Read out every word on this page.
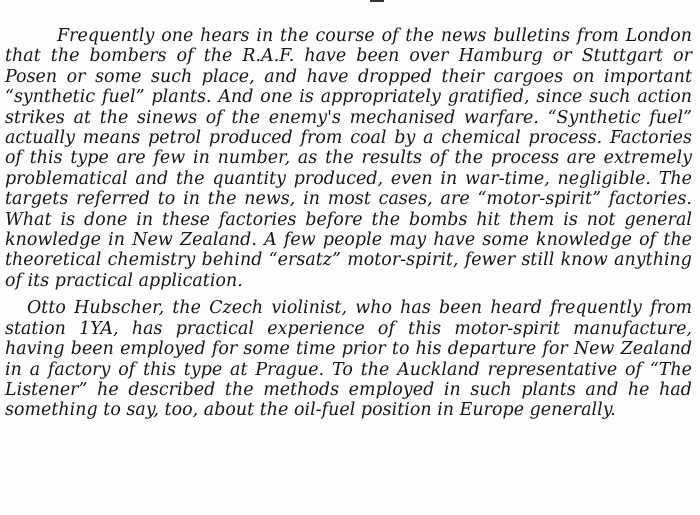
Frequently one hears in the course of the news bulletins from London that the bombers of the R.A.F. have been over Hamburg or Stuttgart or Posen or some such place, and have dropped their cargoes on important “synthetic fuel” plants. And one is appropriately gratified, since such action strikes at the sinews of the enemy's mechanised warfare. “Synthetic fuel” actually means petrol produced from coal by a chemical process. Factories of this type are few in number, as the results of the process are extremely problematical and the quantity produced, even in war-time, negligible. The targets referred to in the news, in most cases, are “motor-spirit” factories. What is done in these factories before the bombs hit them is not general knowledge in New Zealand. A few people may have some knowledge of the theoretical chemistry behind “ersatz” motor-spirit, fewer still know anything of its practical application.

Otto Hubscher, the Czech violinist, who has been heard frequently from station 1YA, has practical experience of this motor-spirit manufacture, having been employed for some time prior to his departure for New Zealand in a factory of this type at Prague. To the Auckland representative of “The Listener” he described the methods employed in such plants and he had something to say, too, about the oil-fuel position in Europe generally.
